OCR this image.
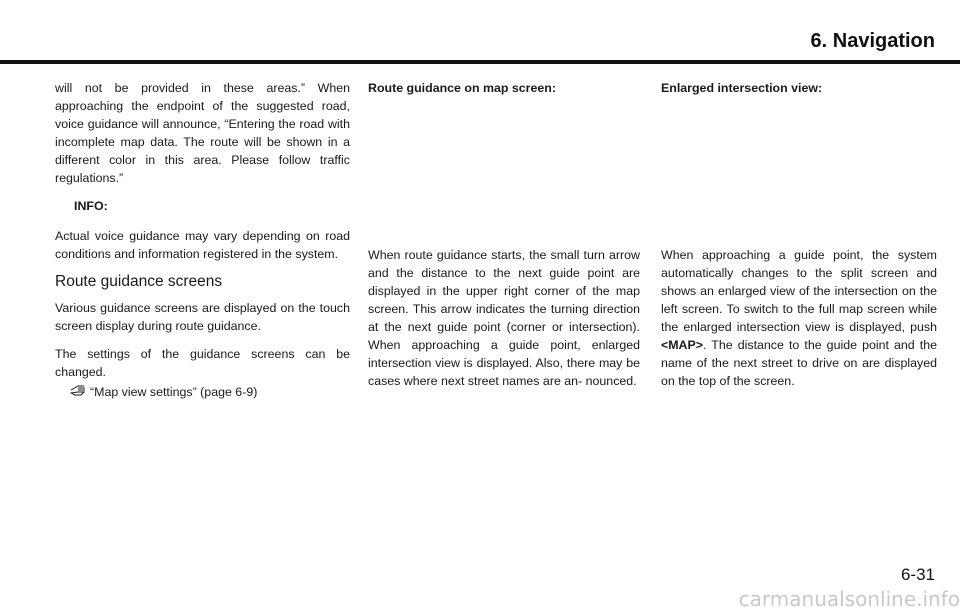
6. Navigation

will not be provided in these areas.” When approaching the endpoint of the suggested road, voice guidance will announce, “Entering the road with incomplete map data. The route will be shown in a different color in this area. Please follow traffic regulations.”

INFO:

Actual voice guidance may vary depending on road conditions and information registered in the system.

Route guidance screens

Various guidance screens are displayed on the touch screen display during route guidance.

The settings of the guidance screens can be changed.

“Map view settings” (page 6-9)

Route guidance on map screen:

When route guidance starts, the small turn arrow and the distance to the next guide point are displayed in the upper right corner of the map screen. This arrow indicates the turning direction at the next guide point (corner or intersection). When approaching a guide point, enlarged intersection view is displayed. Also, there may be cases where next street names are an- nounced.

Enlarged intersection view:

When approaching a guide point, the system automatically changes to the split screen and shows an enlarged view of the intersection on the left screen. To switch to the full map screen while the enlarged intersection view is displayed, push <MAP>. The distance to the guide point and the name of the next street to drive on are displayed on the top of the screen.

6-31
carmanualsonline.info
